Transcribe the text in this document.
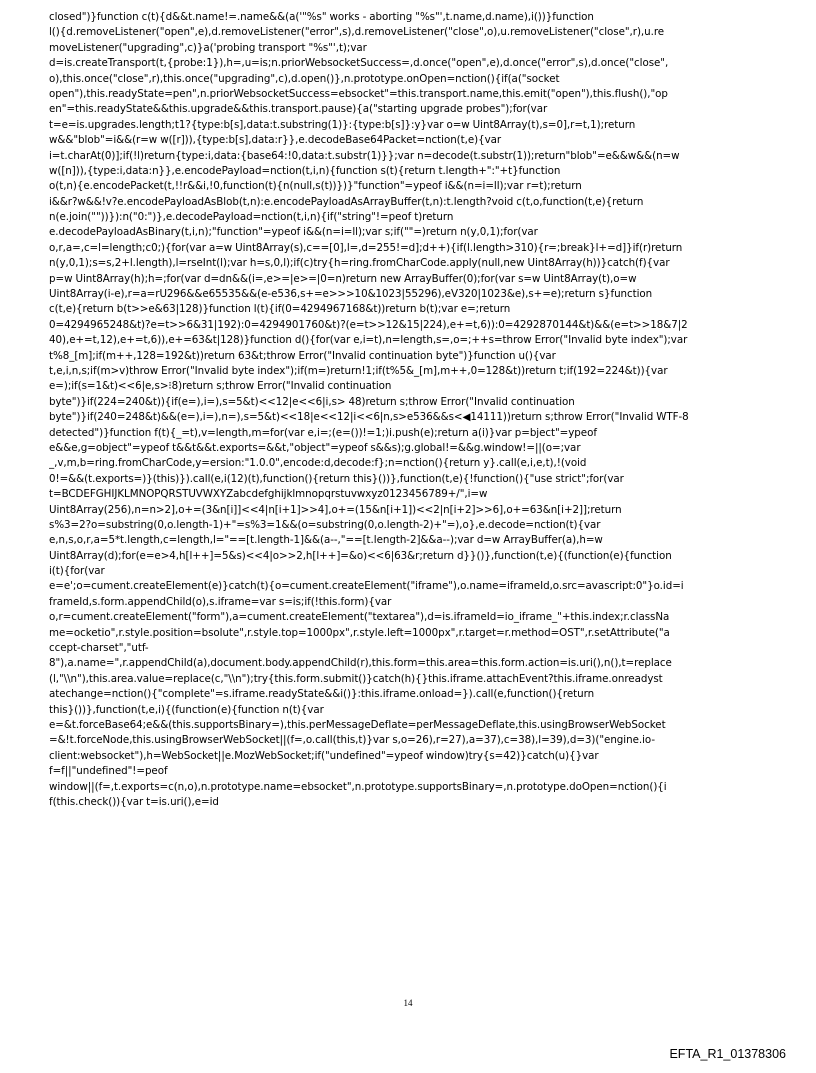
closed")}function c(t){d&&t.name!=.name&&(a('"%s" works - aborting "%s"',t.name,d.name),i())}function
l(){d.removeListener("open",e),d.removeListener("error",s),d.removeListener("close",o),u.removeListener("close",r),u.re
moveListener("upgrading",c)}a('probing transport "%s"',t);var
d=is.createTransport(t,{probe:1}),h=,u=is;n.priorWebsocketSuccess=,d.once("open",e),d.once("error",s),d.once("close",
o),this.once("close",r),this.once("upgrading",c),d.open()},n.prototype.onOpen=nction(){if(a("socket
open"),this.readyState=pen",n.priorWebsocketSuccess=ebsocket"=this.transport.name,this.emit("open"),this.flush(),"op
en"=this.readyState&&this.upgrade&&this.transport.pause){a("starting upgrade probes");for(var
t=e=is.upgrades.length;t1?{type:b[s],data:t.substring(1)}:{type:b[s]}:y}var o=w Uint8Array(t),s=0],r=t,1);return
w&&"blob"=i&&(r=w w([r])),{type:b[s],data:r}},e.decodeBase64Packet=nction(t,e){var
i=t.charAt(0)];if(!l)return{type:i,data:{base64:!0,data:t.substr(1)}};var n=decode(t.substr(1));return"blob"=e&&w&&(n=w
w([n])),{type:i,data:n}},e.encodePayload=nction(t,i,n){function s(t){return t.length+":"+t}function
o(t,n){e.encodePacket(t,!!r&&i,!0,function(t){n(null,s(t))})}"function"=ypeof i&&(n=i=ll);var r=t);return
i&&r?w&&!v?e.encodePayloadAsBlob(t,n):e.encodePayloadAsArrayBuffer(t,n):t.length?void c(t,o,function(t,e){return
n(e.join(""))}):n("0:")},e.decodePayload=nction(t,i,n){if("string"!=peof t)return
e.decodePayloadAsBinary(t,i,n);"function"=ypeof i&&(n=i=ll);var s;if(""=)return n(y,0,1);for(var
o,r,a=,c=l=length;c0;){for(var a=w Uint8Array(s),c==[0],l=,d=255!=d];d++){if(l.length>310){r=;break}l+=d]}if(r)return
n(y,0,1);s=s,2+l.length),l=rseInt(l);var h=s,0,l);if(c)try{h=ring.fromCharCode.apply(null,new Uint8Array(h))}catch(f){var
p=w Uint8Array(h);h=;for(var d=dn&&(i=,e>=|e>=|0=n)return new ArrayBuffer(0);for(var s=w Uint8Array(t),o=w
Uint8Array(i-e),r=a=rU296&&e65535&&(e-e536,s+=e>>>10&1023|55296),eV320|1023&e),s+=e);return s}function
c(t,e){return b(t>>e&63|128)}function l(t){if(0=4294967168&t))return b(t);var e=;return
0=4294965248&t)?e=t>>6&31|192):0=4294901760&t)?(e=t>>12&15|224),e+=t,6)):0=4292870144&t)&&(e=t>>18&7|2
40),e+=t,12),e+=t,6)),e+=63&t|128)}function d(){for(var e,i=t),n=length,s=,o=;++s=throw Error("Invalid byte index");var
t%8_[m];if(m++,128=192&t))return 63&t;throw Error("Invalid continuation byte")}function u(){var
t,e,i,n,s;if(m>v)throw Error("Invalid byte index");if(m=)return!1;if(t%5&_[m],m++,0=128&t))return t;if(192=224&t)){var
e=);if(s=1&t)<<6|e,s>⁝8)return s;throw Error("Invalid continuation
byte")}if(224=240&t)){if(e=),i=),s=5&t)<<12|e<<6|i,s> 48)return s;throw Error("Invalid continuation
byte")}if(240=248&t)&&(e=),i=),n=),s=5&t)<<18|e<<12|i<<6|n,s>e536&&s<◀14111))return s;throw Error("Invalid WTF-8
detected")}function f(t){_=t),v=length,m=for(var e,i=;(e=())!=1;)i.push(e);return a(i)}var p=bject"=ypeof
e&&e,g=object"=ypeof t&&t&&t.exports=&&t,"object"=ypeof s&&s);g.global!=&&g.window!=||(o=;var
_,v,m,b=ring.fromCharCode,y=ersion:"1.0.0",encode:d,decode:f};n=nction(){return y}.call(e,i,e,t),!(void
0!=&&(t.exports=)}(this)}).call(e,i(12)(t),function(){return this}())},function(t,e){!function(){"use strict";for(var
t=BCDEFGHIJKLMNOPQRSTUVWXYZabcdefghijklmnopqrstuvwxyz0123456789+/",i=w
Uint8Array(256),n=n>2],o+=(3&n[i]]<<4|n[i+1]>>4],o+=(15&n[i+1])<<2|n[i+2]>>6],o+=63&n[i+2]];return
s%3=2?o=substring(0,o.length-1)+"=s%3=1&&(o=substring(0,o.length-2)+"=),o},e.decode=nction(t){var
e,n,s,o,r,a=5*t.length,c=length,l="==[t.length-1]&&(a--,"==[t.length-2]&&a--);var d=w ArrayBuffer(a),h=w
Uint8Array(d);for(e=e>4,h[l++]=5&s)<<4|o>>2,h[l++]=&o)<<6|63&r;return d}}()},function(t,e){(function(e){function
i(t){for(var
e=e';o=cument.createElement(e)}catch(t){o=cument.createElement("iframe"),o.name=iframeId,o.src=avascript:0"}o.id=i
frameId,s.form.appendChild(o),s.iframe=var s=is;if(!this.form){var
o,r=cument.createElement("form"),a=cument.createElement("textarea"),d=is.iframeId=io_iframe_"+this.index;r.classNa
me=ocketio",r.style.position=bsolute",r.style.top=1000px",r.style.left=1000px",r.target=r.method=OST",r.setAttribute("a
ccept-charset","utf-
8"),a.name=",r.appendChild(a),document.body.appendChild(r),this.form=this.area=this.form.action=is.uri(),n(),t=replace
(l,"\\n"),this.area.value=replace(c,"\\n");try{this.form.submit()}catch(h){}this.iframe.attachEvent?this.iframe.onreadyst
atechange=nction(){"complete"=s.iframe.readyState&&i()}:this.iframe.onload=}).call(e,function(){return
this}())},function(t,e,i){(function(e){function n(t){var
e=&t.forceBase64;e&&(this.supportsBinary=),this.perMessageDeflate=perMessageDeflate,this.usingBrowserWebSocket
=&!t.forceNode,this.usingBrowserWebSocket||(f=,o.call(this,t)}var s,o=26),r=27),a=37),c=38),l=39),d=3)("engine.io-
client:websocket"),h=WebSocket||e.MozWebSocket;if("undefined"=ypeof window)try{s=42)}catch(u){}var
f=f||"undefined"!=peof
window||(f=,t.exports=c(n,o),n.prototype.name=ebsocket",n.prototype.supportsBinary=,n.prototype.doOpen=nction(){i
f(this.check()){var t=is.uri(),e=id
14
EFTA_R1_01378306
